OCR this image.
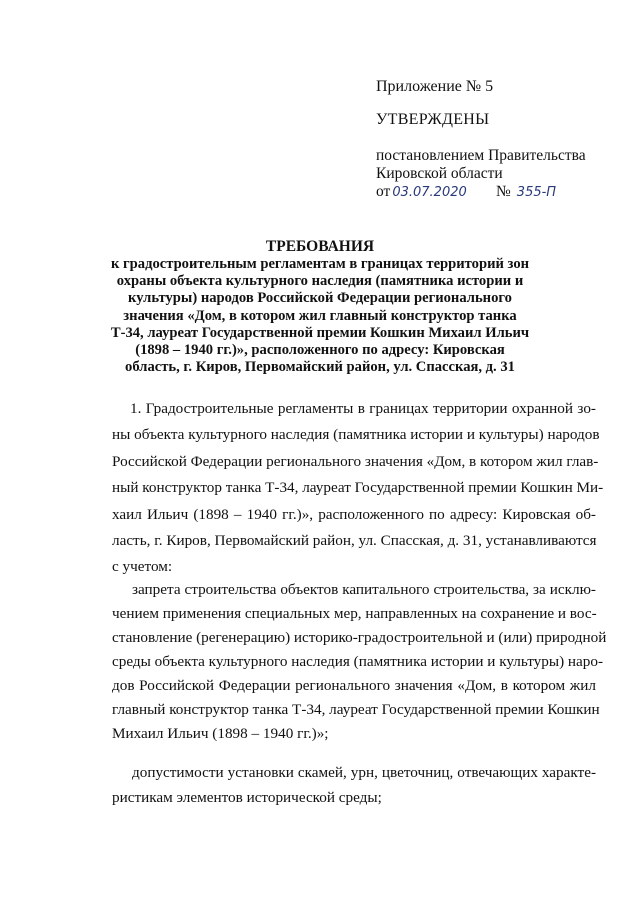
Приложение № 5
УТВЕРЖДЕНЫ
постановлением Правительства
Кировской области
от 03.07.2020 № 355-П
ТРЕБОВАНИЯ
к градостроительным регламентам в границах территорий зон
охраны объекта культурного наследия (памятника истории и
культуры) народов Российской Федерации регионального
значения «Дом, в котором жил главный конструктор танка
Т-34, лауреат Государственной премии Кошкин Михаил Ильич
(1898 – 1940 гг.)», расположенного по адресу: Кировская
область, г. Киров, Первомайский район, ул. Спасская, д. 31
1. Градостроительные регламенты в границах территории охранной зо-
ны объекта культурного наследия (памятника истории и культуры) народов
Российской Федерации регионального значения «Дом, в котором жил глав-
ный конструктор танка Т-34, лауреат Государственной премии Кошкин Ми-
хаил Ильич (1898 – 1940 гг.)», расположенного по адресу: Кировская об-
ласть, г. Киров, Первомайский район, ул. Спасская, д. 31, устанавливаются
с учетом:
запрета строительства объектов капитального строительства, за исклю-
чением применения специальных мер, направленных на сохранение и вос-
становление (регенерацию) историко-градостроительной и (или) природной
среды объекта культурного наследия (памятника истории и культуры) наро-
дов Российской Федерации регионального значения «Дом, в котором жил
главный конструктор танка Т-34, лауреат Государственной премии Кошкин
Михаил Ильич (1898 – 1940 гг.)»;
допустимости установки скамей, урн, цветочниц, отвечающих характе-
ристикам элементов исторической среды;
